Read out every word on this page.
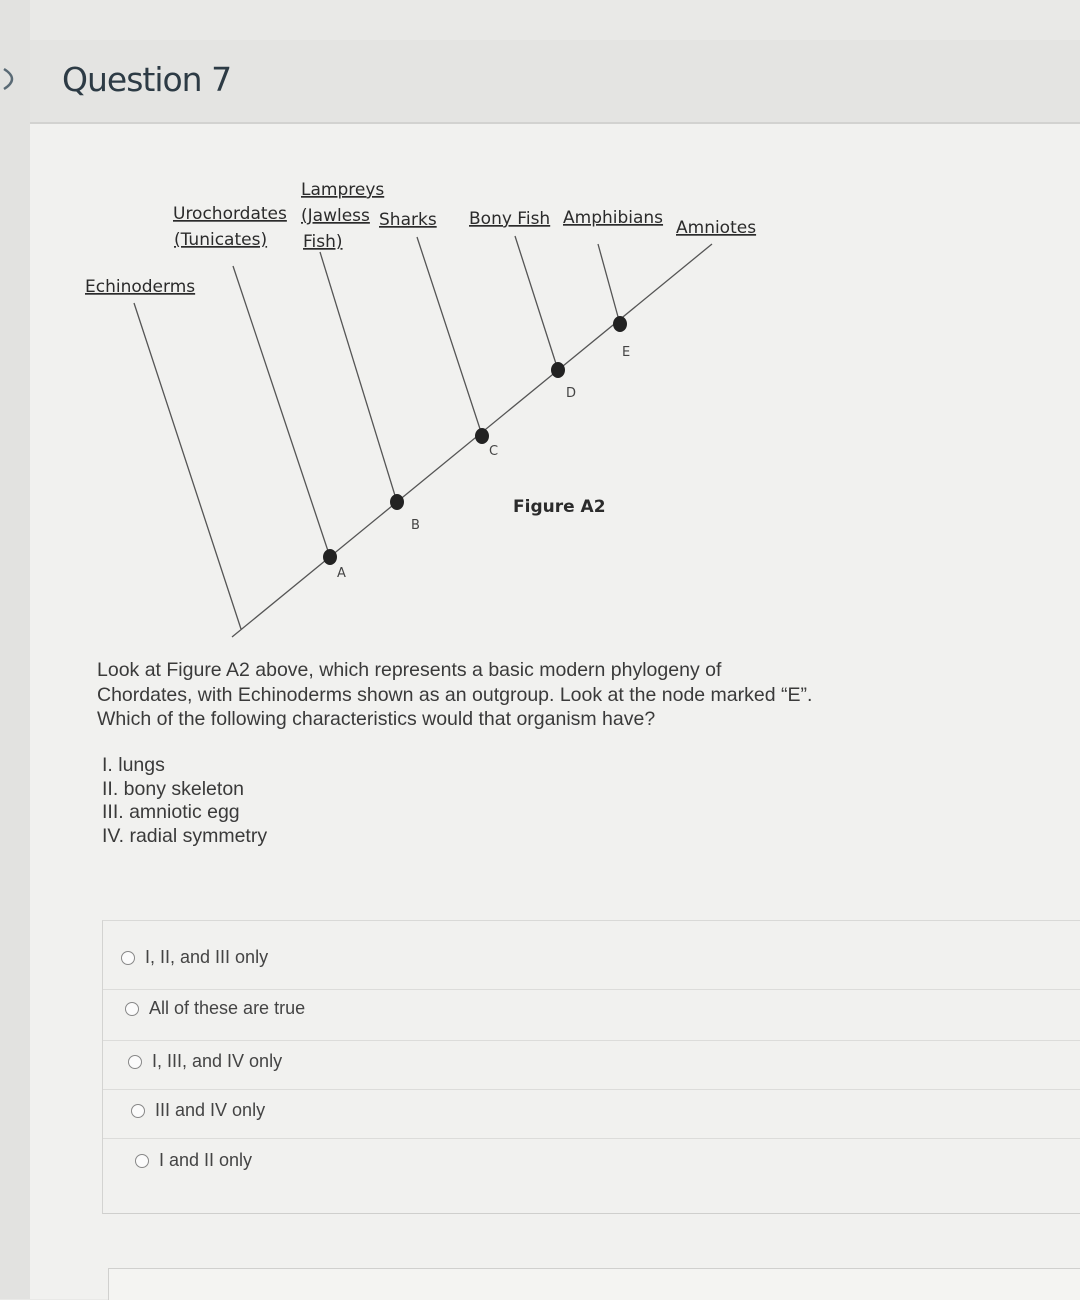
Question 7
A
B
C
D
E
Echinoderms
Urochordates
(Tunicates)
Lampreys
(Jawless
Fish)
Sharks Bony Fish Amphibians Amniotes
Figure A2

Look at Figure A2 above, which represents a basic modern phylogeny of Chordates, with Echinoderms shown as an outgroup. Look at the node marked “E”. Which of the following characteristics would that organism have?

I. lungs
II. bony skeleton
III. amniotic egg
IV. radial symmetry
I, II, and III only
All of these are true
I, III, and IV only
III and IV only
I and II only
